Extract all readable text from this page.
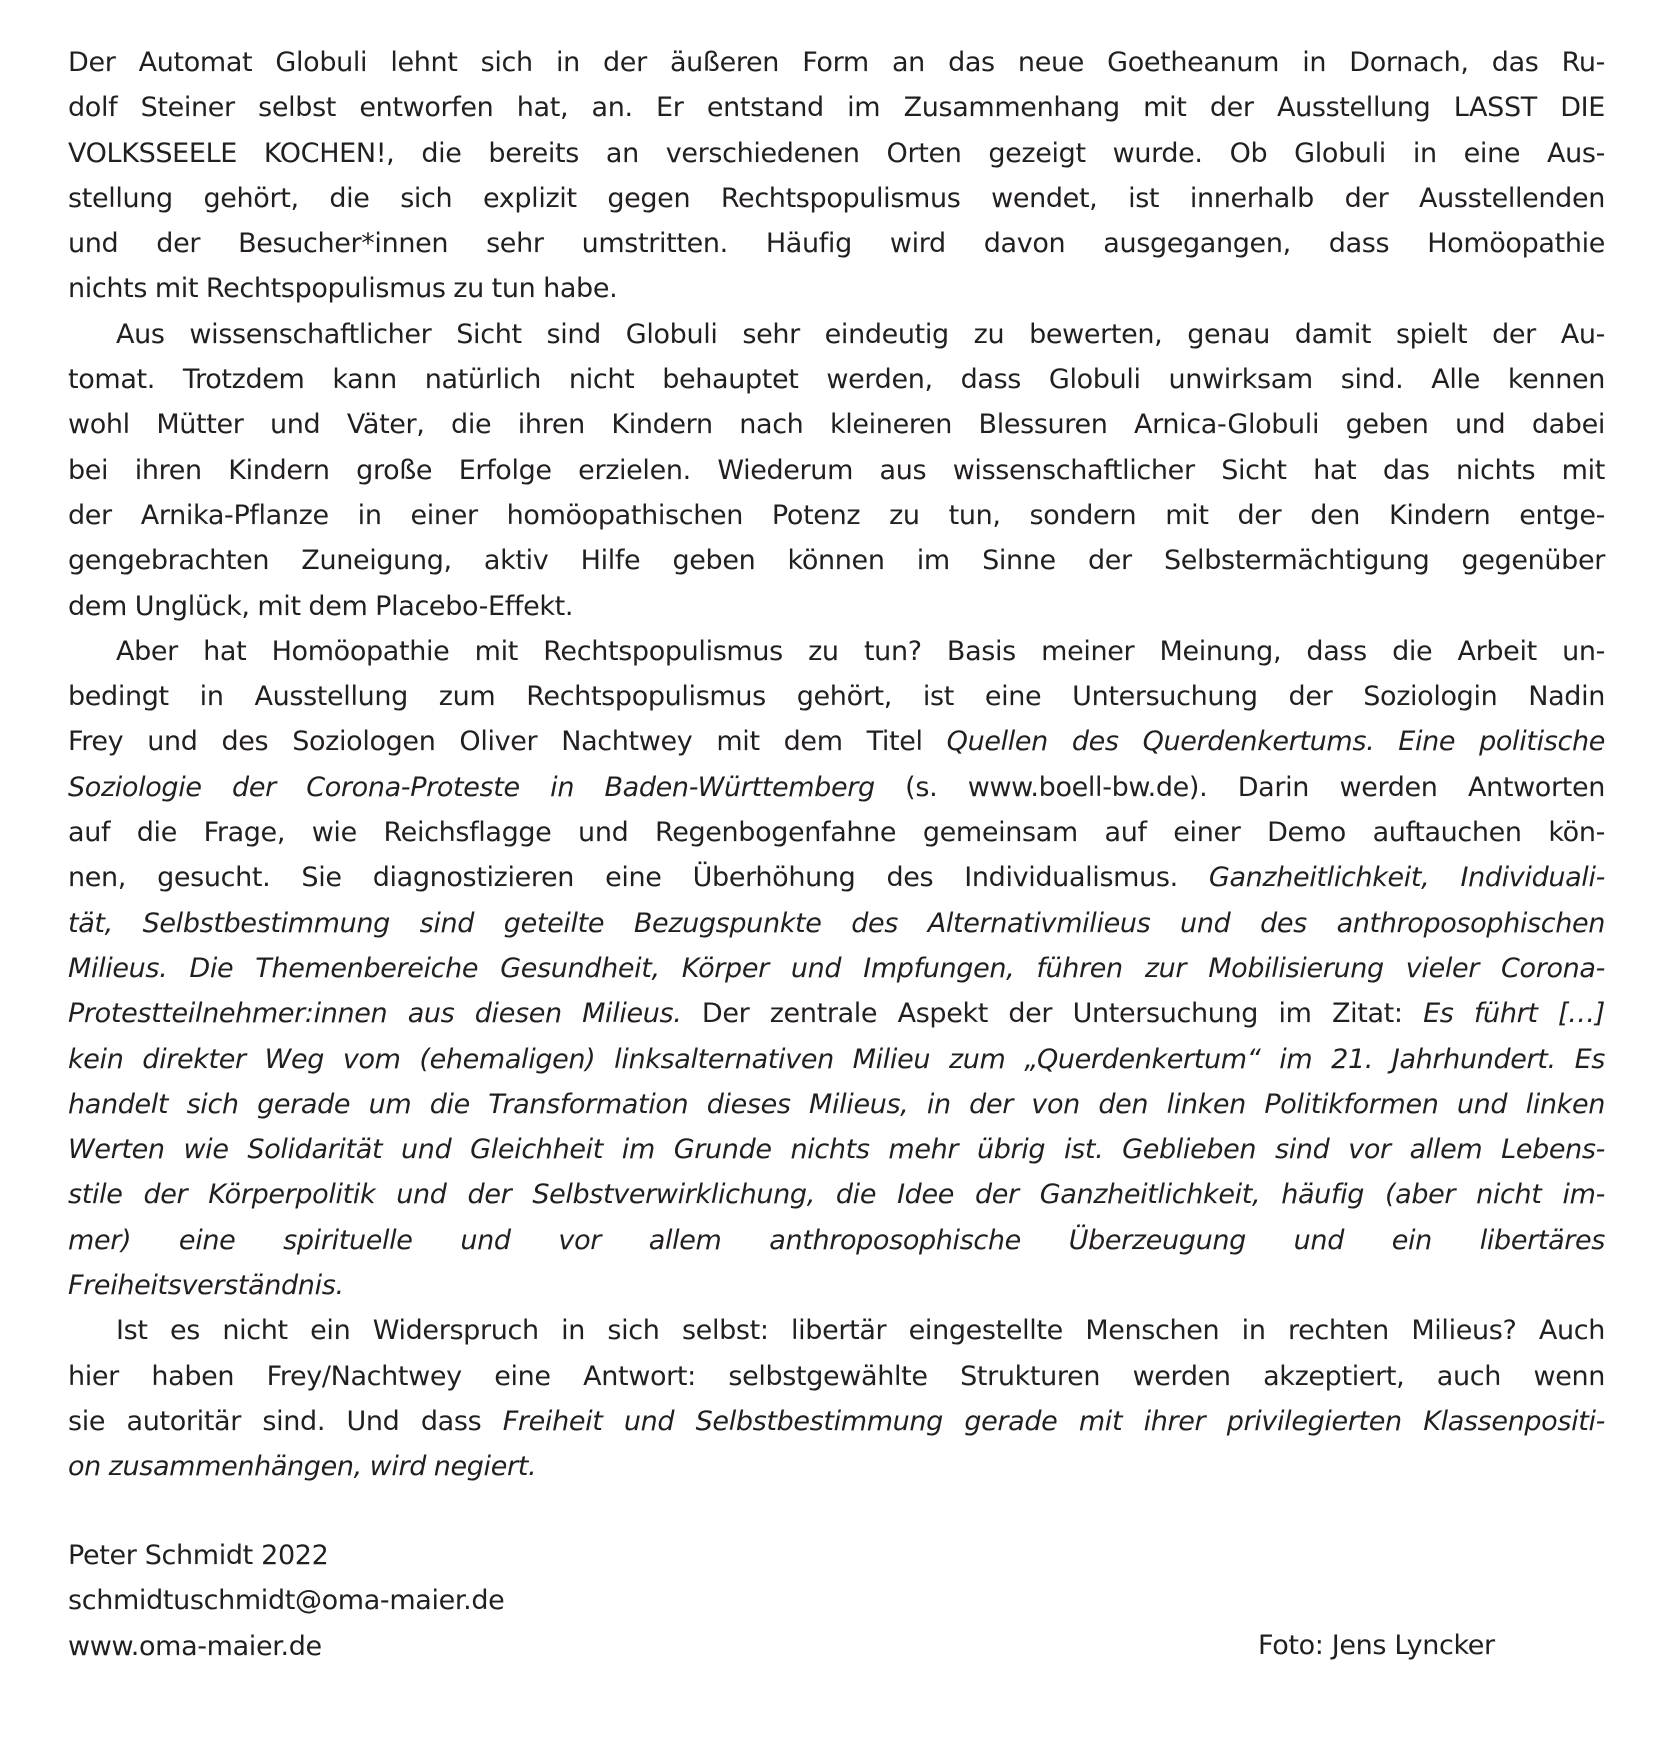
Der Automat Globuli lehnt sich in der äußeren Form an das neue Goetheanum in Dornach, das Ru-
dolf Steiner selbst entworfen hat, an. Er entstand im Zusammenhang mit der Ausstellung LASST DIE
VOLKSSEELE KOCHEN!, die bereits an verschiedenen Orten gezeigt wurde. Ob Globuli in eine Aus-
stellung gehört, die sich explizit gegen Rechtspopulismus wendet, ist innerhalb der Ausstellenden
und der Besucher*innen sehr umstritten. Häufig wird davon ausgegangen, dass Homöopathie
nichts mit Rechtspopulismus zu tun habe.

Aus wissenschaftlicher Sicht sind Globuli sehr eindeutig zu bewerten, genau damit spielt der Au-
tomat. Trotzdem kann natürlich nicht behauptet werden, dass Globuli unwirksam sind. Alle kennen
wohl Mütter und Väter, die ihren Kindern nach kleineren Blessuren Arnica-Globuli geben und dabei
bei ihren Kindern große Erfolge erzielen. Wiederum aus wissenschaftlicher Sicht hat das nichts mit
der Arnika-Pflanze in einer homöopathischen Potenz zu tun, sondern mit der den Kindern entge-
gengebrachten Zuneigung, aktiv Hilfe geben können im Sinne der Selbstermächtigung gegenüber
dem Unglück, mit dem Placebo-Effekt.

Aber hat Homöopathie mit Rechtspopulismus zu tun? Basis meiner Meinung, dass die Arbeit un-
bedingt in Ausstellung zum Rechtspopulismus gehört, ist eine Untersuchung der Soziologin Nadin
Frey und des Soziologen Oliver Nachtwey mit dem Titel Quellen des Querdenkertums. Eine politische
Soziologie der Corona-Proteste in Baden-Württemberg (s. www.boell-bw.de). Darin werden Antworten
auf die Frage, wie Reichsflagge und Regenbogenfahne gemeinsam auf einer Demo auftauchen kön-
nen, gesucht. Sie diagnostizieren eine Überhöhung des Individualismus. Ganzheitlichkeit, Individuali-
tät, Selbstbestimmung sind geteilte Bezugspunkte des Alternativmilieus und des anthroposophischen
Milieus. Die Themenbereiche Gesundheit, Körper und Impfungen, führen zur Mobilisierung vieler Corona-
Protestteilnehmer:innen aus diesen Milieus. Der zentrale Aspekt der Untersuchung im Zitat: Es führt […]
kein direkter Weg vom (ehemaligen) linksalternativen Milieu zum „Querdenkertum“ im 21. Jahrhundert. Es
handelt sich gerade um die Transformation dieses Milieus, in der von den linken Politikformen und linken
Werten wie Solidarität und Gleichheit im Grunde nichts mehr übrig ist. Geblieben sind vor allem Lebens-
stile der Körperpolitik und der Selbstverwirklichung, die Idee der Ganzheitlichkeit, häufig (aber nicht im-
mer) eine spirituelle und vor allem anthroposophische Überzeugung und ein libertäres
Freiheitsverständnis.

Ist es nicht ein Widerspruch in sich selbst: libertär eingestellte Menschen in rechten Milieus? Auch
hier haben Frey/Nachtwey eine Antwort: selbstgewählte Strukturen werden akzeptiert, auch wenn
sie autoritär sind. Und dass Freiheit und Selbstbestimmung gerade mit ihrer privilegierten Klassenpositi-
on zusammenhängen, wird negiert.

Peter Schmidt 2022
schmidtuschmidt@oma-maier.de
www.oma-maier.de	Foto: Jens Lyncker
